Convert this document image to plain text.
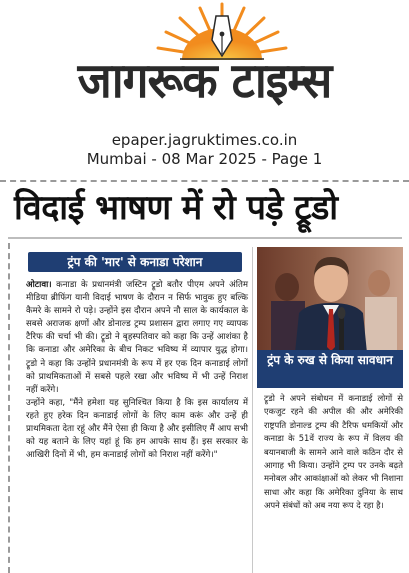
जागरूक टाइम्स
epaper.jagruktimes.co.in
Mumbai - 08 Mar 2025 - Page 1
विदाई भाषण में रो पड़े ट्रूडो
ट्रंप की 'मार' से कनाडा परेशान

ओटावा। कनाडा के प्रधानमंत्री जस्टिन ट्रूडो बतौर पीएम अपने अंतिम मीडिया ब्रीफिंग यानी विदाई भाषण के दौरान न सिर्फ भावुक हुए बल्कि कैमरे के सामने रो पड़े। उन्होंने इस दौरान अपने नौ साल के कार्यकाल के सबसे अराजक क्षणों और डोनाल्ड ट्रम्प प्रशासन द्वारा लगाए गए व्यापक टैरिफ की चर्चा भी की। ट्रूडो ने बृहस्पतिवार को कहा कि उन्हें आशंका है कि कनाडा और अमेरिका के बीच निकट भविष्य में व्यापार युद्ध होगा। ट्रूडो ने कहा कि उन्होंने प्रधानमंत्री के रूप में हर एक दिन कनाडाई लोगों को प्राथमिकताओं में सबसे पहले रखा और भविष्य में भी उन्हें निराश नहीं करेंगे।

उन्होंने कहा, "मैंने हमेशा यह सुनिश्चित किया है कि इस कार्यालय में रहते हुए हरेक दिन कनाडाई लोगों के लिए काम करूं और उन्हें ही प्राथमिकता देता रहूं और मैंने ऐसा ही किया है और इसीलिए मैं आप सभी को यह बताने के लिए यहां हूं कि हम आपके साथ हैं। इस सरकार के आखिरी दिनों में भी, हम कनाडाई लोगों को निराश नहीं करेंगे।"

ट्रंप के रुख से किया सावधान
ट्रूडो ने अपने संबोधन में कनाडाई लोगों से एकजुट रहने की अपील की और अमेरिकी राष्ट्रपति डोनाल्ड ट्रम्प की टैरिफ धमकियों और कनाडा के 51वें राज्य के रूप में विलय की बयानबाजी के सामने आने वाले कठिन दौर से आगाह भी किया। उन्होंने ट्रम्प पर उनके बढ़ते मनोबल और आकांक्षाओं को लेकर भी निशाना साधा और कहा कि अमेरिका दुनिया के साथ अपने संबंधों को अब नया रूप दे रहा है।
